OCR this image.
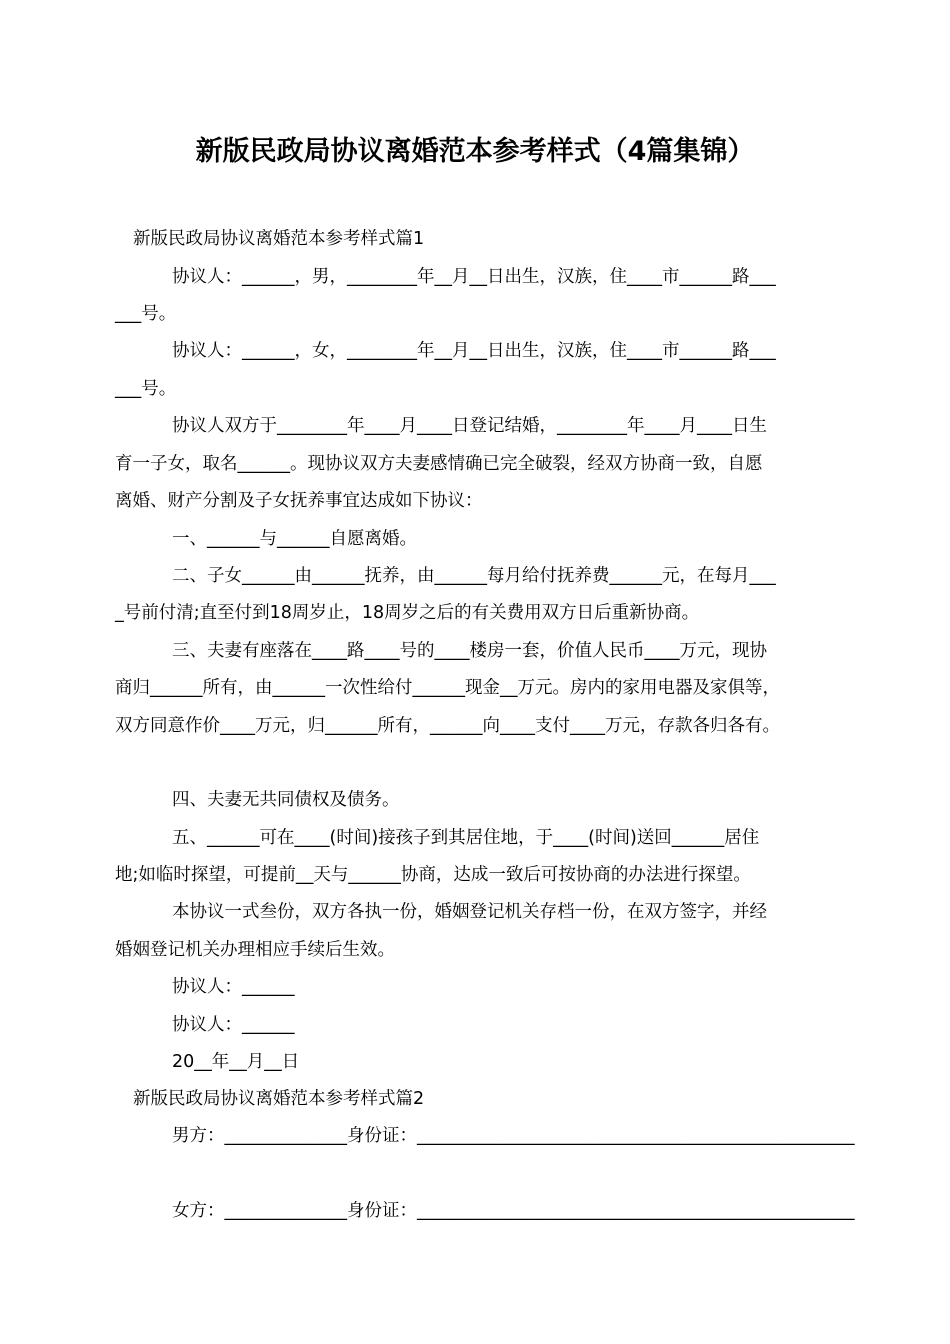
新版民政局协议离婚范本参考样式（4篇集锦）
新版民政局协议离婚范本参考样式篇1
协议人：______，男，________年__月__日出生，汉族，住____市______路___
___号。
协议人：______，女，________年__月__日出生，汉族，住____市______路___
___号。
协议人双方于________年____月____日登记结婚，________年____月____日生
育一子女，取名______。现协议双方夫妻感情确已完全破裂，经双方协商一致，自愿
离婚、财产分割及子女抚养事宜达成如下协议：
一、______与______自愿离婚。
二、子女______由______抚养，由______每月给付抚养费______元，在每月___
_号前付清;直至付到18周岁止，18周岁之后的有关费用双方日后重新协商。
三、夫妻有座落在____路____号的____楼房一套，价值人民币____万元，现协
商归______所有，由______一次性给付______现金__万元。房内的家用电器及家俱等，
双方同意作价____万元，归______所有，______向____支付____万元，存款各归各有。
四、夫妻无共同债权及债务。
五、______可在____(时间)接孩子到其居住地，于____(时间)送回______居住
地;如临时探望，可提前__天与______协商，达成一致后可按协商的办法进行探望。
本协议一式叁份，双方各执一份，婚姻登记机关存档一份，在双方签字，并经
婚姻登记机关办理相应手续后生效。
协议人：______
协议人：______
20__年__月__日
新版民政局协议离婚范本参考样式篇2
男方：______________身份证：__________________________________________________
女方：______________身份证：__________________________________________________
